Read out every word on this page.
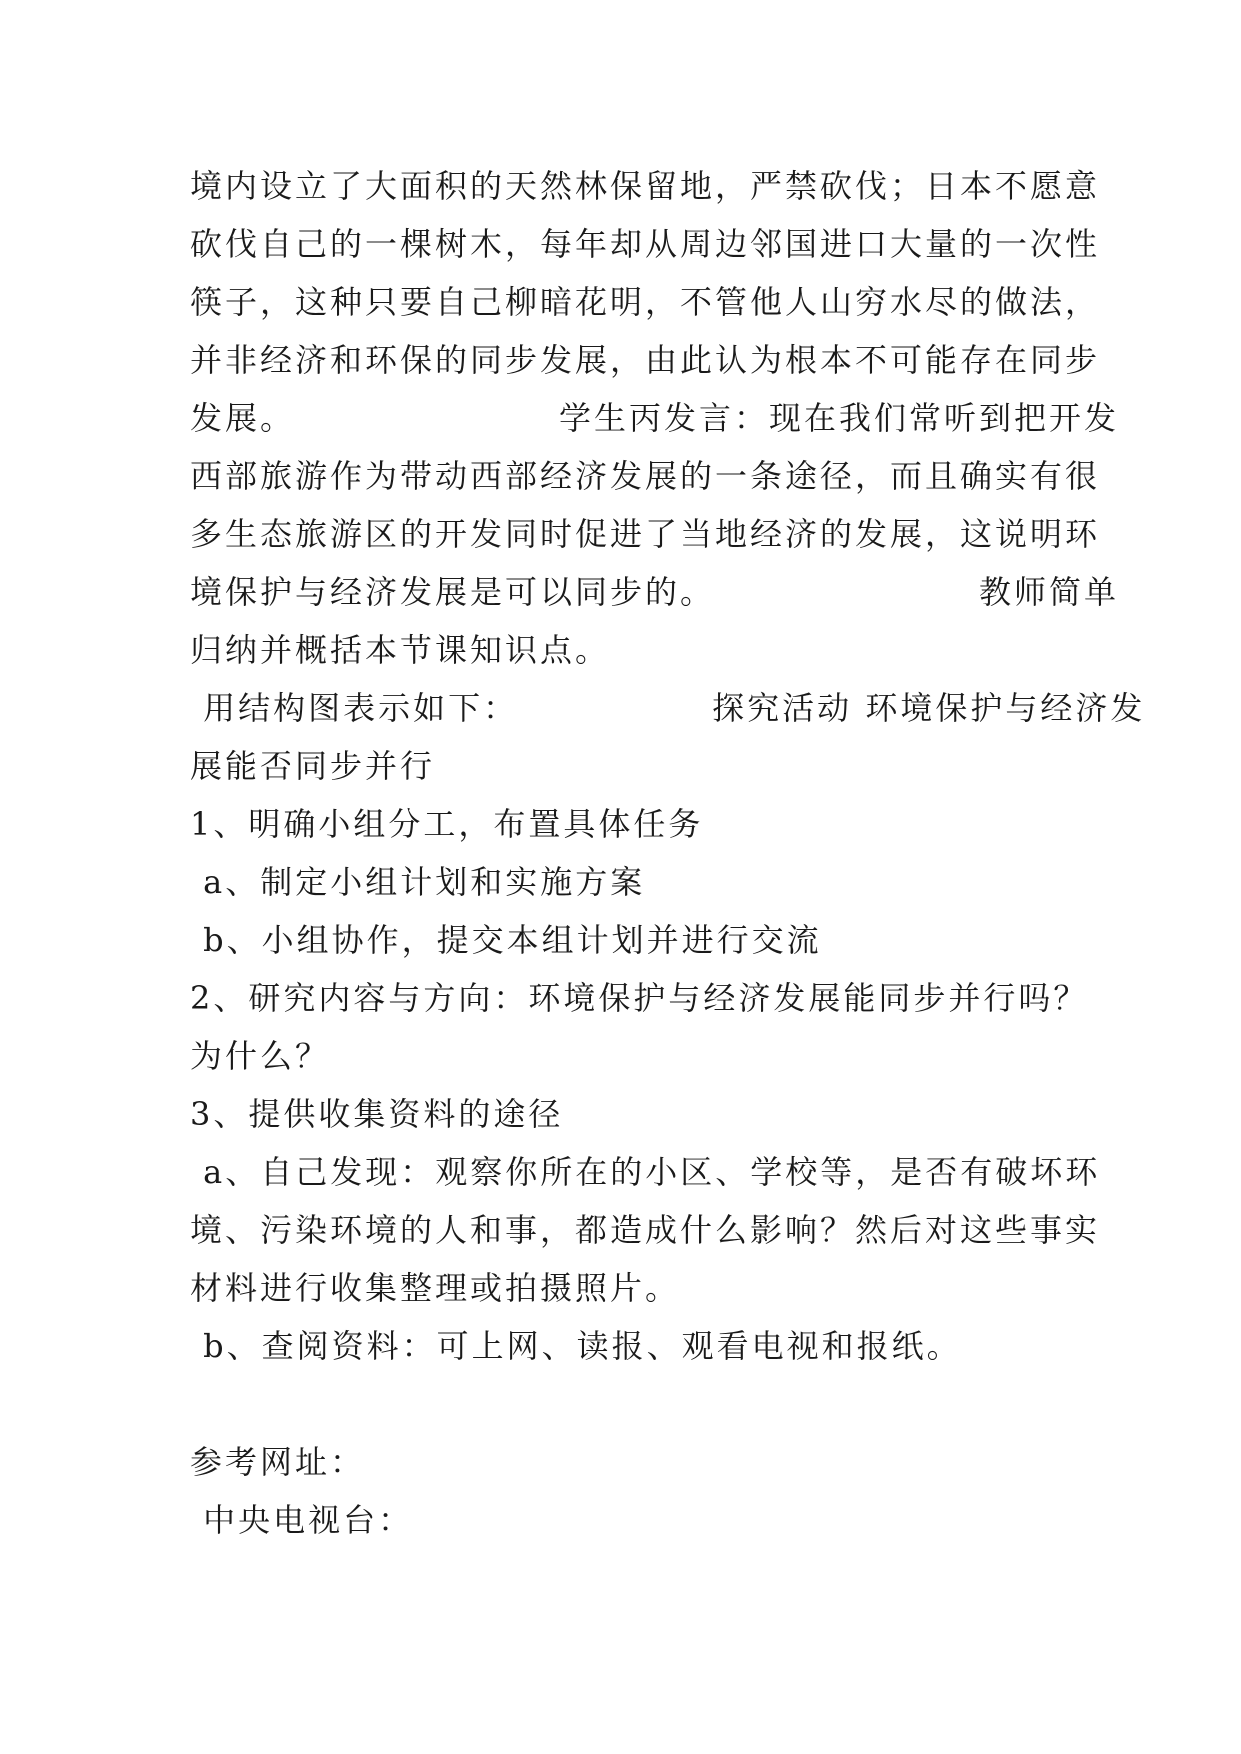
境内设立了大面积的天然林保留地，严禁砍伐；日本不愿意
砍伐自己的一棵树木，每年却从周边邻国进口大量的一次性
筷子，这种只要自己柳暗花明，不管他人山穷水尽的做法，
并非经济和环保的同步发展，由此认为根本不可能存在同步
发展。　　　　　　　　学生丙发言：现在我们常听到把开发
西部旅游作为带动西部经济发展的一条途径，而且确实有很
多生态旅游区的开发同时促进了当地经济的发展，这说明环
境保护与经济发展是可以同步的。　　　　　　　　教师简单
归纳并概括本节课知识点。
用结构图表示如下：　　　　　　探究活动 环境保护与经济发
展能否同步并行
1、明确小组分工，布置具体任务
a、制定小组计划和实施方案
b、小组协作，提交本组计划并进行交流
2、研究内容与方向：环境保护与经济发展能同步并行吗？
为什么？
3、提供收集资料的途径
a、自己发现：观察你所在的小区、学校等，是否有破坏环
境、污染环境的人和事，都造成什么影响？然后对这些事实
材料进行收集整理或拍摄照片。
b、查阅资料：可上网、读报、观看电视和报纸。
参考网址：
中央电视台：
